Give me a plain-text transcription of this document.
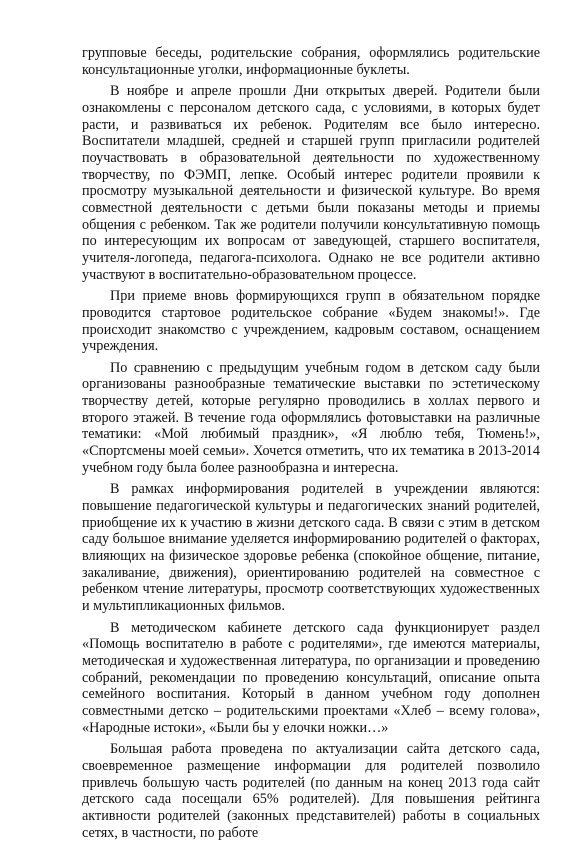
групповые беседы, родительские собрания, оформлялись родительские консультационные уголки, информационные буклеты.

В ноябре и апреле прошли Дни открытых дверей. Родители были ознакомлены с персоналом детского сада, с условиями, в которых будет расти, и развиваться их ребенок. Родителям все было интересно. Воспитатели младшей, средней и старшей групп пригласили родителей поучаствовать в образовательной деятельности по художественному творчеству, по ФЭМП, лепке. Особый интерес родители проявили к просмотру музыкальной деятельности и физической культуре. Во время совместной деятельности с детьми были показаны методы и приемы общения с ребенком. Так же родители получили консультативную помощь по интересующим их вопросам от заведующей, старшего воспитателя, учителя-логопеда, педагога-психолога. Однако не все родители активно участвуют в воспитательно-образовательном процессе.

При приеме вновь формирующихся групп в обязательном порядке проводится стартовое родительское собрание «Будем знакомы!». Где происходит знакомство с учреждением, кадровым составом, оснащением учреждения.

По сравнению с предыдущим учебным годом в детском саду были организованы разнообразные тематические выставки по эстетическому творчеству детей, которые регулярно проводились в холлах первого и второго этажей. В течение года оформлялись фотовыставки на различные тематики: «Мой любимый праздник», «Я люблю тебя, Тюмень!», «Спортсмены моей семьи». Хочется отметить, что их тематика в 2013-2014 учебном году была более разнообразна и интересна.

В рамках информирования родителей в учреждении являются: повышение педагогической культуры и педагогических знаний родителей, приобщение их к участию в жизни детского сада. В связи с этим в детском саду большое внимание уделяется информированию родителей о факторах, влияющих на физическое здоровье ребенка (спокойное общение, питание, закаливание, движения), ориентированию родителей на совместное с ребенком чтение литературы, просмотр соответствующих художественных и мультипликационных фильмов.

В методическом кабинете детского сада функционирует раздел «Помощь воспитателю в работе с родителями», где имеются материалы, методическая и художественная литература, по организации и проведению собраний, рекомендации по проведению консультаций, описание опыта семейного воспитания. Который в данном учебном году дополнен совместными детско – родительскими проектами «Хлеб – всему голова», «Народные истоки», «Были бы у елочки ножки…»

Большая работа проведена по актуализации сайта детского сада, своевременное размещение информации для родителей позволило привлечь большую часть родителей (по данным на конец 2013 года сайт детского сада посещали 65% родителей). Для повышения рейтинга активности родителей (законных представителей) работы в социальных сетях, в частности, по работе
